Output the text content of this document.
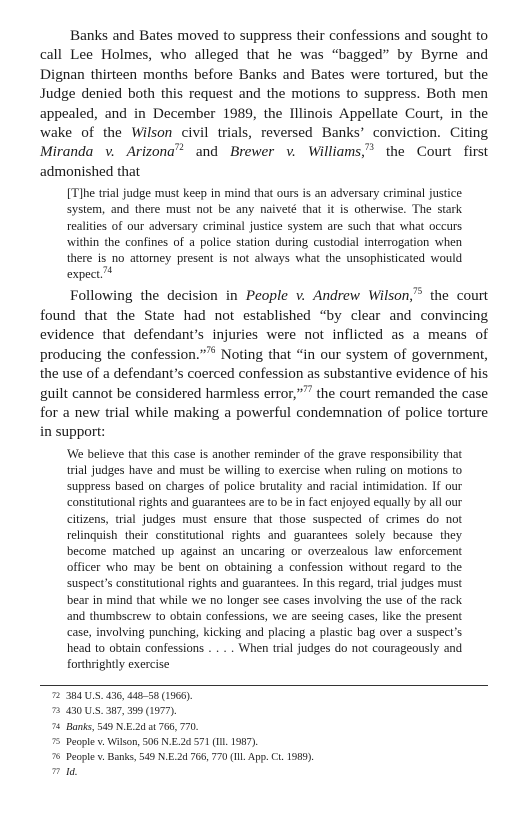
Banks and Bates moved to suppress their confessions and sought to call Lee Holmes, who alleged that he was “bagged” by Byrne and Dignan thirteen months before Banks and Bates were tortured, but the Judge denied both this request and the motions to suppress. Both men appealed, and in December 1989, the Illinois Appellate Court, in the wake of the Wilson civil trials, reversed Banks’ conviction. Citing Miranda v. Arizona$^{72}$ and Brewer v. Williams,$^{73}$ the Court first admonished that

[T]he trial judge must keep in mind that ours is an adversary criminal justice system, and there must not be any naiveté that it is otherwise. The stark realities of our adversary criminal justice system are such that what occurs within the confines of a police station during custodial interrogation when there is no attorney present is not always what the unsophisticated would expect.$^{74}$

Following the decision in People v. Andrew Wilson,$^{75}$ the court found that the State had not established “by clear and convincing evidence that defendant’s injuries were not inflicted as a means of producing the confession.”$^{76}$ Noting that “in our system of government, the use of a defendant’s coerced confession as substantive evidence of his guilt cannot be considered harmless error,”$^{77}$ the court remanded the case for a new trial while making a powerful condemnation of police torture in support:

We believe that this case is another reminder of the grave responsibility that trial judges have and must be willing to exercise when ruling on motions to suppress based on charges of police brutality and racial intimidation. If our constitutional rights and guarantees are to be in fact enjoyed equally by all our citizens, trial judges must ensure that those suspected of crimes do not relinquish their constitutional rights and guarantees solely because they become matched up against an uncaring or overzealous law enforcement officer who may be bent on obtaining a confession without regard to the suspect’s constitutional rights and guarantees. In this regard, trial judges must bear in mind that while we no longer see cases involving the use of the rack and thumbscrew to obtain confessions, we are seeing cases, like the present case, involving punching, kicking and placing a plastic bag over a suspect’s head to obtain confessions . . . . When trial judges do not courageously and forthrightly exercise

72 384 U.S. 436, 448–58 (1966).

73 430 U.S. 387, 399 (1977).

74 Banks, 549 N.E.2d at 766, 770.

75 People v. Wilson, 506 N.E.2d 571 (Ill. 1987).

76 People v. Banks, 549 N.E.2d 766, 770 (Ill. App. Ct. 1989).

77 Id.
